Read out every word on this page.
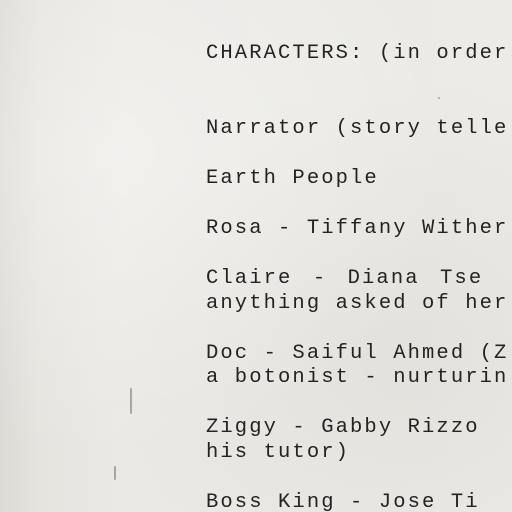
CHARACTERS: (in order
Narrator (story telle
Earth People
Rosa - Tiffany Wither
Claire - Diana Tse
anything asked of her
Doc - Saiful Ahmed (Z
a botonist - nurturin
Ziggy - Gabby Rizzo
his tutor)
Boss King - Jose Ti
